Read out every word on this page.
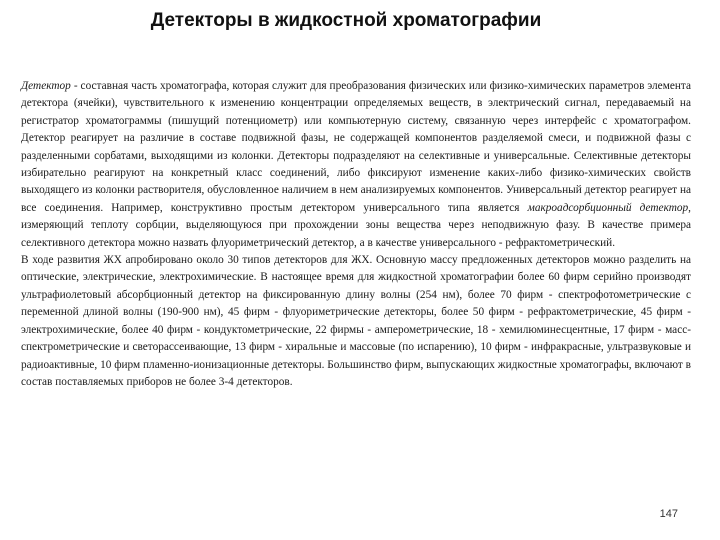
Детекторы в жидкостной хроматографии

Детектор - составная часть хроматографа, которая служит для преобразования физических или физико-химических параметров элемента детектора (ячейки), чувствительного к изменению концентрации определяемых веществ, в электрический сигнал, передаваемый на регистратор хроматограммы (пишущий потенциометр) или компьютерную систему, связанную через интерфейс с хроматографом. Детектор реагирует на различие в составе подвижной фазы, не содержащей компонентов разделяемой смеси, и подвижной фазы с разделенными сорбатами, выходящими из колонки. Детекторы подразделяют на селективные и универсальные. Селективные детекторы избирательно реагируют на конкретный класс соединений, либо фиксируют изменение каких-либо физико-химических свойств выходящего из колонки растворителя, обусловленное наличием в нем анализируемых компонентов. Универсальный детектор реагирует на все соединения. Например, конструктивно простым детектором универсального типа является макроадсорбционный детектор, измеряющий теплоту сорбции, выделяющуюся при прохождении зоны вещества через неподвижную фазу. В качестве примера селективного детектора можно назвать флуориметрический детектор, а в качестве универсального - рефрактометрический.

В ходе развития ЖХ апробировано около 30 типов детекторов для ЖХ. Основную массу предложенных детекторов можно разделить на оптические, электрические, электрохимические. В настоящее время для жидкостной хроматографии более 60 фирм серийно производят ультрафиолетовый абсорбционный детектор на фиксированную длину волны (254 нм), более 70 фирм - спектрофотометрические с переменной длиной волны (190-900 нм), 45 фирм - флуориметрические детекторы, более 50 фирм - рефрактометрические, 45 фирм - электрохимические, более 40 фирм - кондуктометрические, 22 фирмы - амперометрические, 18 - хемилюминесцентные, 17 фирм - масс-спектрометрические и светорассеивающие, 13 фирм - хиральные и массовые (по испарению), 10 фирм - инфракрасные, ультразвуковые и радиоактивные, 10 фирм пламенно-ионизационные детекторы. Большинство фирм, выпускающих жидкостные хроматографы, включают в состав поставляемых приборов не более 3-4 детекторов.

147
